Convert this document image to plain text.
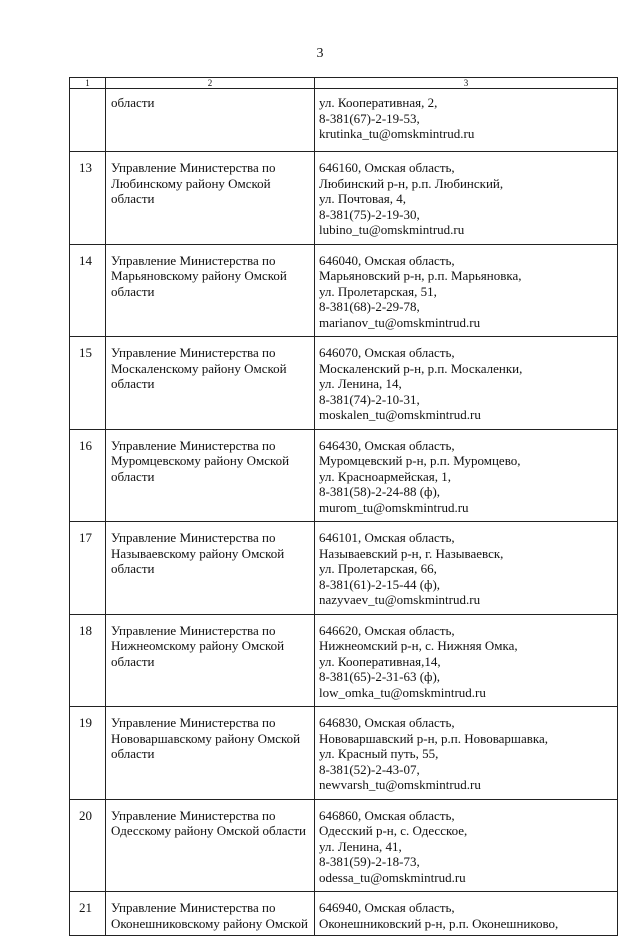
3
1	2	3

	области	ул. Кооперативная, 2,
8-381(67)-2-19-53,
krutinka_tu@omskmintrud.ru

13	Управление Министерства по
Любинскому району Омской
области	646160, Омская область,
Любинский р-н, р.п. Любинский,
ул. Почтовая, 4,
8-381(75)-2-19-30,
lubino_tu@omskmintrud.ru

14	Управление Министерства по
Марьяновскому району Омской
области	646040, Омская область,
Марьяновский р-н, р.п. Марьяновка,
ул. Пролетарская, 51,
8-381(68)-2-29-78,
marianov_tu@omskmintrud.ru

15	Управление Министерства по
Москаленскому району Омской
области	646070, Омская область,
Москаленский р-н, р.п. Москаленки,
ул. Ленина, 14,
8-381(74)-2-10-31,
moskalen_tu@omskmintrud.ru

16	Управление Министерства по
Муромцевскому району Омской
области	646430, Омская область,
Муромцевский р-н, р.п. Муромцево,
ул. Красноармейская, 1,
8-381(58)-2-24-88 (ф),
murom_tu@omskmintrud.ru

17	Управление Министерства по
Называевскому району Омской
области	646101, Омская область,
Называевский р-н, г. Называевск,
ул. Пролетарская, 66,
8-381(61)-2-15-44 (ф),
nazyvaev_tu@omskmintrud.ru

18	Управление Министерства по
Нижнеомскому району Омской
области	646620, Омская область,
Нижнеомский р-н, с. Нижняя Омка,
ул. Кооперативная,14,
8-381(65)-2-31-63 (ф),
low_omka_tu@omskmintrud.ru

19	Управление Министерства по
Нововаршавскому району Омской
области	646830, Омская область,
Нововаршавский р-н, р.п. Нововаршавка,
ул. Красный путь, 55,
8-381(52)-2-43-07,
newvarsh_tu@omskmintrud.ru

20	Управление Министерства по
Одесскому району Омской области	646860, Омская область,
Одесский р-н, с. Одесское,
ул. Ленина, 41,
8-381(59)-2-18-73,
odessa_tu@omskmintrud.ru

21	Управление Министерства по
Оконешниковскому району Омской	646940, Омская область,
Оконешниковский р-н, р.п. Оконешниково,
